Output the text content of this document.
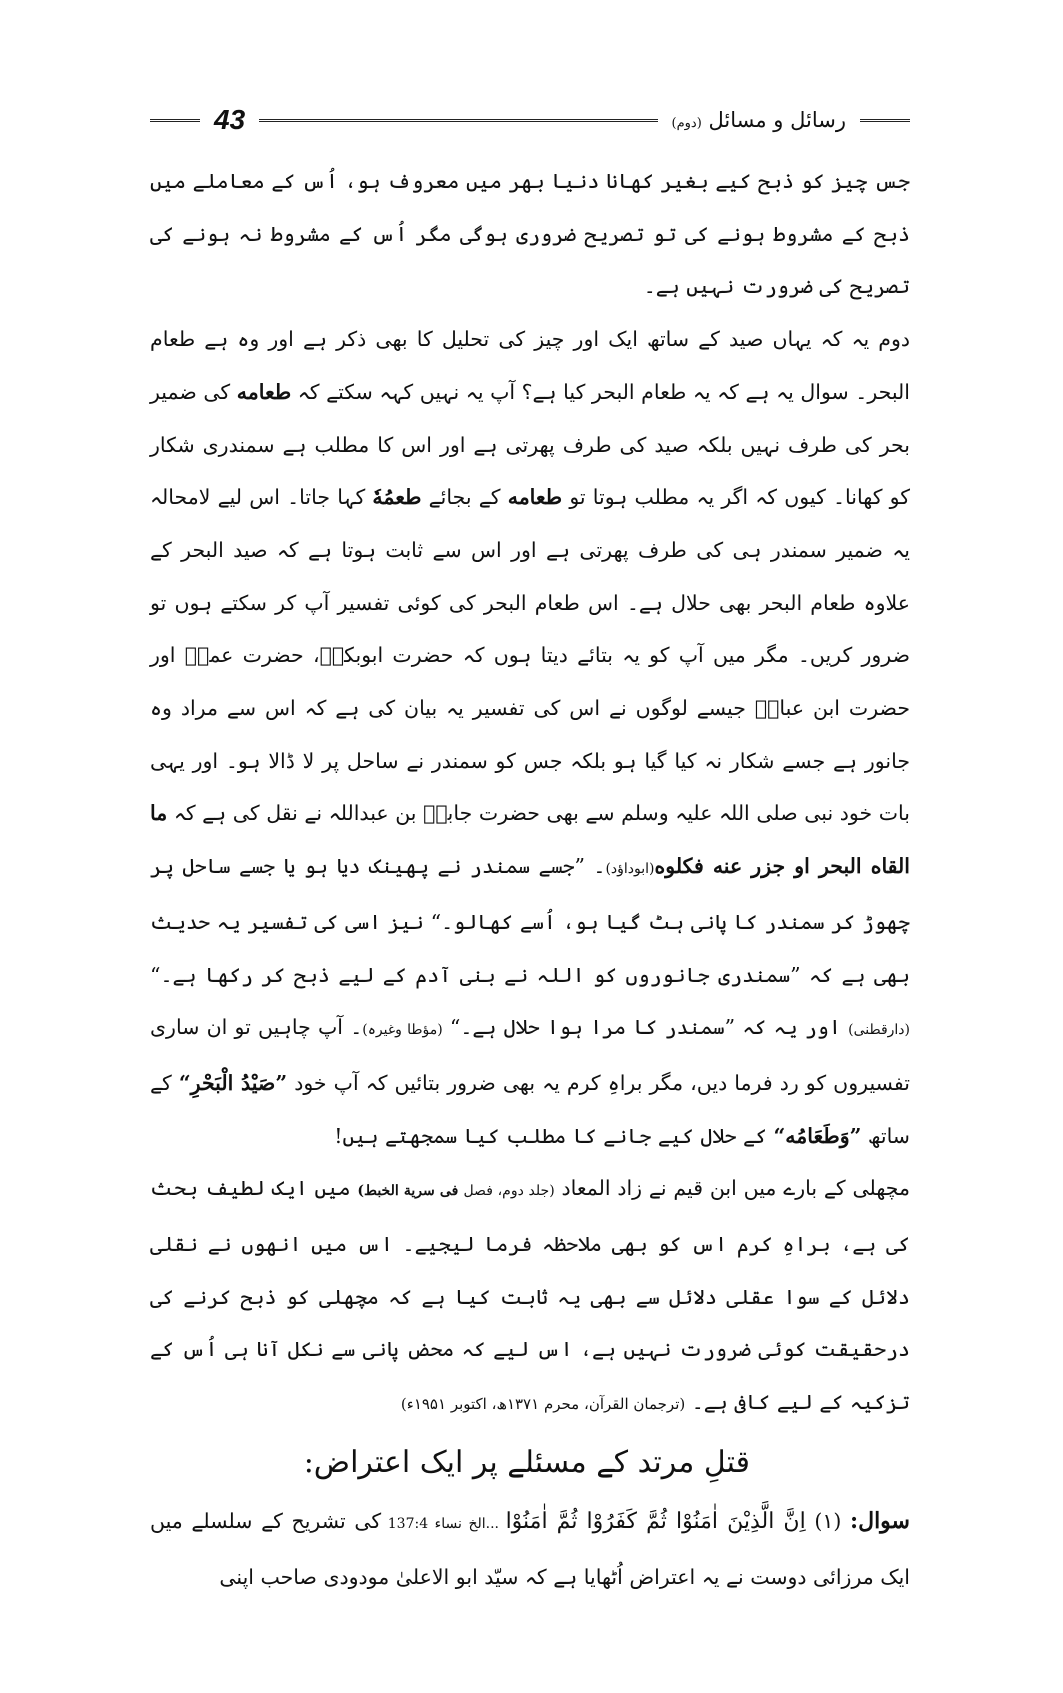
43	رسائل و مسائل (دوم)

جس چیز کو ذبح کیے بغیر کھانا دنیا بھر میں معروف ہو، اُس کے معاملے میں ذبح کے مشروط ہونے کی تو تصریح ضروری ہوگی مگر اُس کے مشروط نہ ہونے کی تصریح کی ضرورت نہیں ہے۔

دوم یہ کہ یہاں صید کے ساتھ ایک اور چیز کی تحلیل کا بھی ذکر ہے اور وہ ہے طعام البحر۔ سوال یہ ہے کہ یہ طعام البحر کیا ہے؟ آپ یہ نہیں کہہ سکتے کہ طعامه کی ضمیر بحر کی طرف نہیں بلکہ صید کی طرف پھرتی ہے اور اس کا مطلب ہے سمندری شکار کو کھانا۔ کیوں کہ اگر یہ مطلب ہوتا تو طعامه کے بجائے طعمُهٗ کہا جاتا۔ اس لیے لامحالہ یہ ضمیر سمندر ہی کی طرف پھرتی ہے اور اس سے ثابت ہوتا ہے کہ صید البحر کے علاوہ طعام البحر بھی حلال ہے۔ اس طعام البحر کی کوئی تفسیر آپ کر سکتے ہوں تو ضرور کریں۔ مگر میں آپ کو یہ بتائے دیتا ہوں کہ حضرت ابوبکرؓ، حضرت عمرؓ اور حضرت ابن عباسؓ جیسے لوگوں نے اس کی تفسیر یہ بیان کی ہے کہ اس سے مراد وہ جانور ہے جسے شکار نہ کیا گیا ہو بلکہ جس کو سمندر نے ساحل پر لا ڈالا ہو۔ اور یہی بات خود نبی صلی اللہ علیہ وسلم سے بھی حضرت جابرؓ بن عبداللہ نے نقل کی ہے کہ ما القاه البحر او جزر عنه فكلوه(ابوداؤد)۔ ”جسے سمندر نے پھینک دیا ہو یا جسے ساحل پر چھوڑ کر سمندر کا پانی ہٹ گیا ہو، اُسے کھالو۔“ نیز اسی کی تفسیر یہ حدیث بھی ہے کہ ”سمندری جانوروں کو اللہ نے بنی آدم کے لیے ذبح کر رکھا ہے۔“ (دارقطنی) اور یہ کہ ”سمندر کا مرا ہوا حلال ہے۔“ (مؤطا وغیرہ)۔ آپ چاہیں تو ان ساری تفسیروں کو رد فرما دیں، مگر براہِ کرم یہ بھی ضرور بتائیں کہ آپ خود ”صَيْدُ الْبَحْرِ“ کے ساتھ ”وَطَعَامُه“ کے حلال کیے جانے کا مطلب کیا سمجھتے ہیں!

مچھلی کے بارے میں ابن قیم نے زاد المعاد (جلد دوم، فصل فی سریة الخبط) میں ایک لطیف بحث کی ہے، براہِ کرم اس کو بھی ملاحظہ فرما لیجیے۔ اس میں انھوں نے نقلی دلائل کے سوا عقلی دلائل سے بھی یہ ثابت کیا ہے کہ مچھلی کو ذبح کرنے کی درحقیقت کوئی ضرورت نہیں ہے، اس لیے کہ محض پانی سے نکل آنا ہی اُس کے تزکیہ کے لیے کافی ہے۔ (ترجمان القرآن، محرم ۱۳۷۱ھ، اکتوبر ۱۹۵۱ء)

قتلِ مرتد کے مسئلے پر ایک اعتراض:

سوال: (۱) اِنَّ الَّذِيْنَ اٰمَنُوْا ثُمَّ كَفَرُوْا ثُمَّ اٰمَنُوْا ...الخ نساء 137:4 کی تشریح کے سلسلے میں ایک مرزائی دوست نے یہ اعتراض اُٹھایا ہے کہ سیّد ابو الاعلیٰ مودودی صاحب اپنی
